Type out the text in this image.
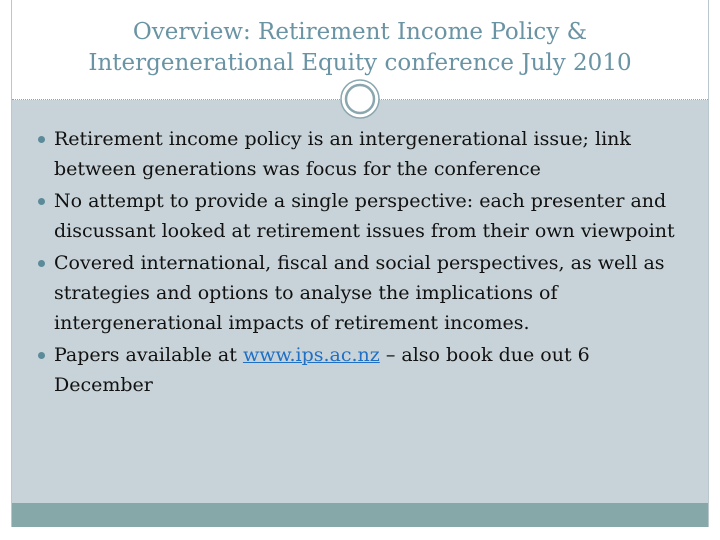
Overview: Retirement Income Policy & Intergenerational Equity conference July 2010
Retirement income policy is an intergenerational issue; link between generations was focus for the conference
No attempt to provide a single perspective: each presenter and discussant looked at retirement issues from their own viewpoint
Covered international, fiscal and social perspectives, as well as strategies and options to analyse the implications of intergenerational impacts of retirement incomes.
Papers available at www.ips.ac.nz – also book due out 6 December
